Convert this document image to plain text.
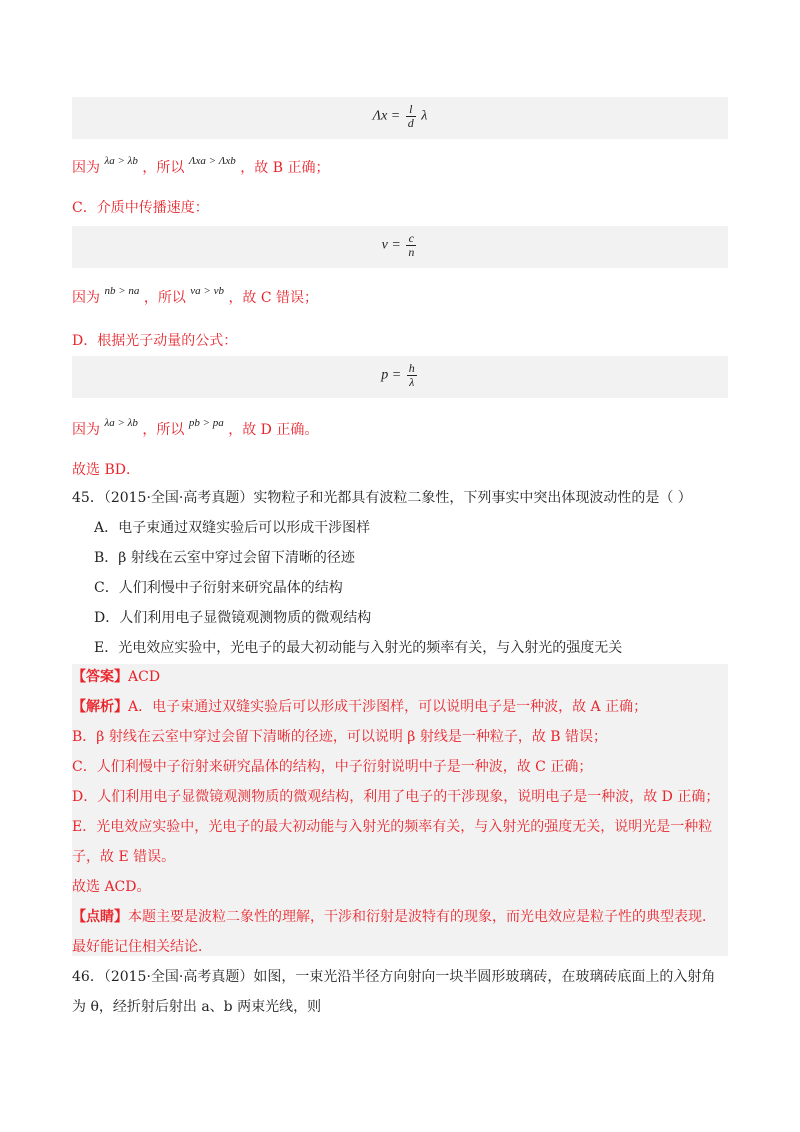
$\Lambda x = \frac{l}{d}$ λ
因为 $^{\lambda a > \lambda b}$ ，所以 $^{\Lambda xa > \Lambda xb}$ ，故 B 正确；
C．介质中传播速度：
$v = \frac{c}{n}$
因为 $^{nb > na}$ ，所以 $^{va > vb}$ ，故 C 错误；
D．根据光子动量的公式：
$p = \frac{h}{\lambda}$
因为 $^{\lambda a > \lambda b}$ ，所以 $^{pb > pa}$ ，故 D 正确。
故选 BD．
45．（2015·全国·高考真题）实物粒子和光都具有波粒二象性，下列事实中突出体现波动性的是（ ）
A．电子束通过双缝实验后可以形成干涉图样
B．β 射线在云室中穿过会留下清晰的径迹
C．人们利慢中子衍射来研究晶体的结构
D．人们利用电子显微镜观测物质的微观结构
E．光电效应实验中，光电子的最大初动能与入射光的频率有关，与入射光的强度无关
【答案】ACD
【解析】A．电子束通过双缝实验后可以形成干涉图样，可以说明电子是一种波，故 A 正确；
B．β 射线在云室中穿过会留下清晰的径迹，可以说明 β 射线是一种粒子，故 B 错误；
C．人们利慢中子衍射来研究晶体的结构，中子衍射说明中子是一种波，故 C 正确；
D．人们利用电子显微镜观测物质的微观结构，利用了电子的干涉现象，说明电子是一种波，故 D 正确；
E．光电效应实验中，光电子的最大初动能与入射光的频率有关，与入射光的强度无关，说明光是一种粒
子，故 E 错误。
故选 ACD。
【点睛】本题主要是波粒二象性的理解，干涉和衍射是波特有的现象，而光电效应是粒子性的典型表现．
最好能记住相关结论．
46．（2015·全国·高考真题）如图，一束光沿半径方向射向一块半圆形玻璃砖，在玻璃砖底面上的入射角
为 θ，经折射后射出 a、b 两束光线，则
